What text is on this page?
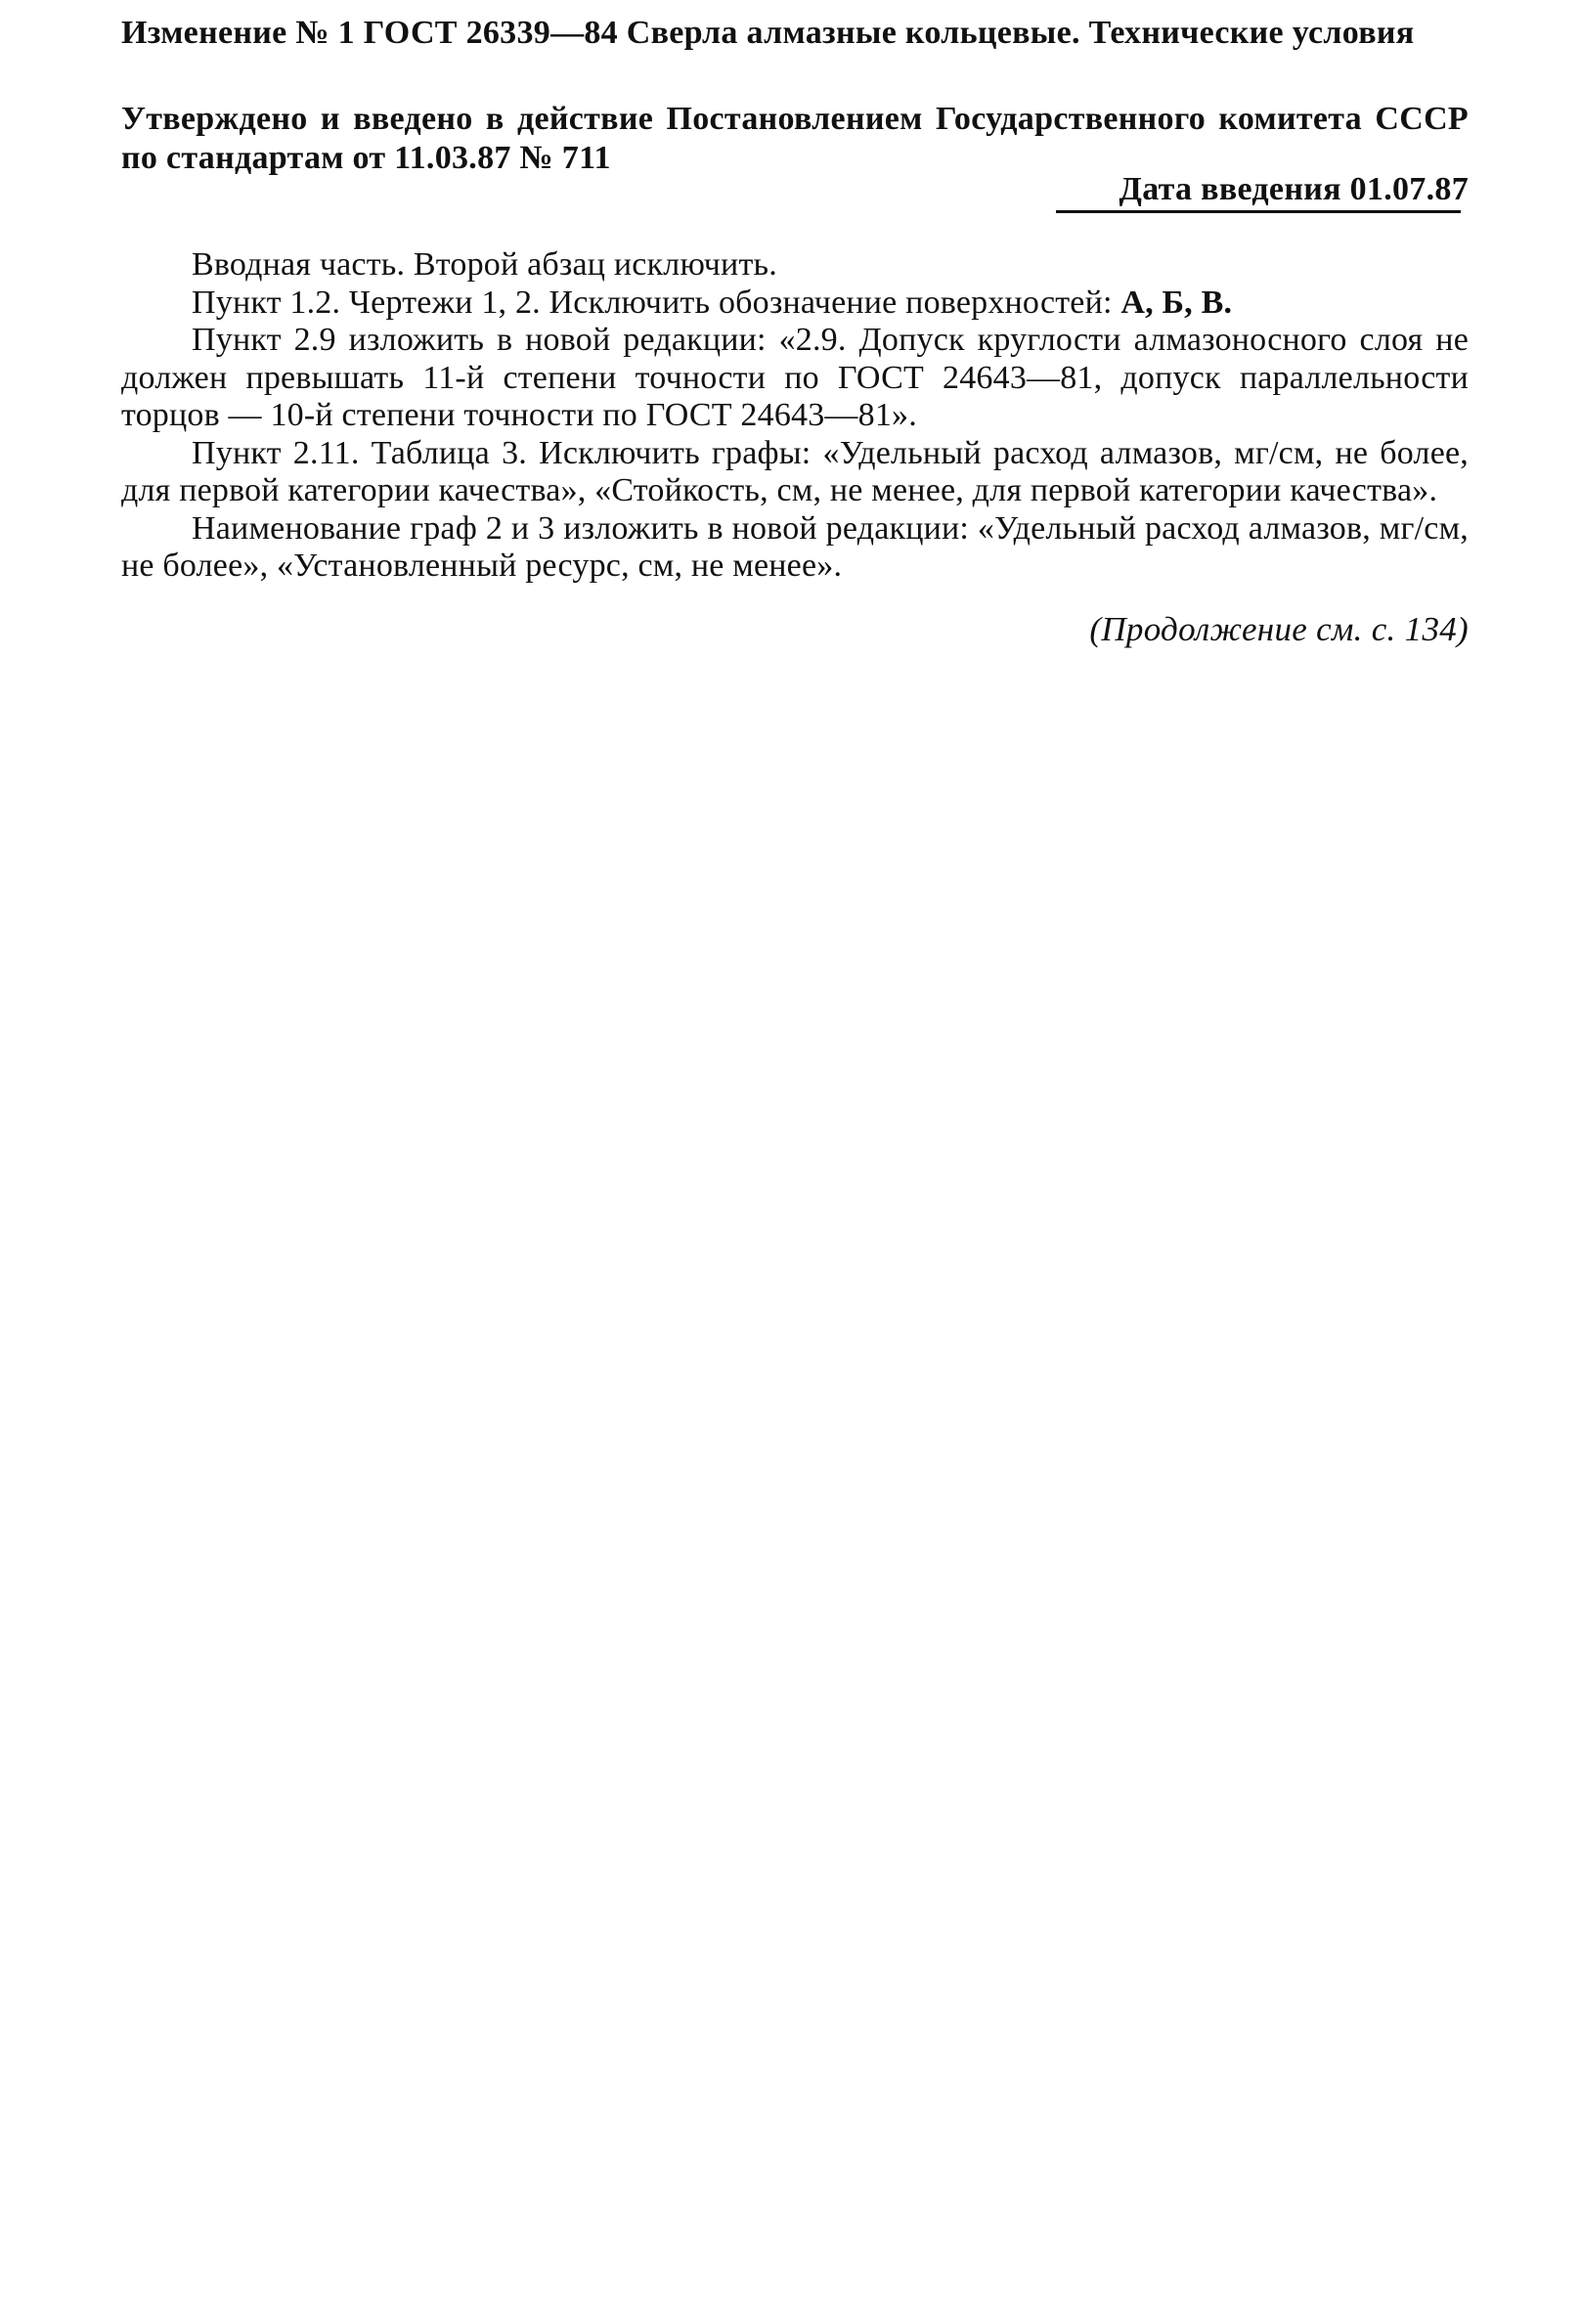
Изменение № 1 ГОСТ 26339—84 Сверла алмазные кольцевые. Технические условия

Утверждено и введено в действие Постановлением Государственного комитета СССР по стандартам от 11.03.87 № 711

Дата введения 01.07.87

Вводная часть. Второй абзац исключить.

Пункт 1.2. Чертежи 1, 2. Исключить обозначение поверхностей: А, Б, В.

Пункт 2.9 изложить в новой редакции: «2.9. Допуск круглости алмазоносного слоя не должен превышать 11-й степени точности по ГОСТ 24643—81, допуск параллельности торцов — 10-й степени точности по ГОСТ 24643—81».

Пункт 2.11. Таблица 3. Исключить графы: «Удельный расход алмазов, мг/см, не более, для первой категории качества», «Стойкость, см, не менее, для первой категории качества».

Наименование граф 2 и 3 изложить в новой редакции: «Удельный расход алмазов, мг/см, не более», «Установленный ресурс, см, не менее».

(Продолжение см. с. 134)
